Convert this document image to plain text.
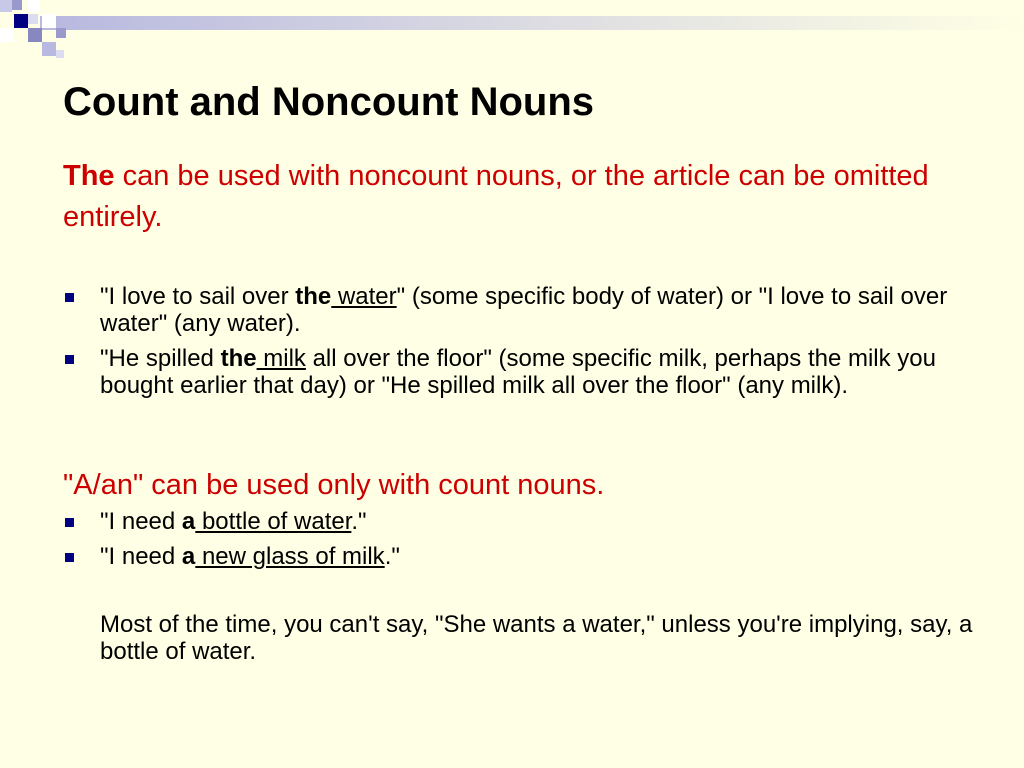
Count and Noncount Nouns

The can be used with noncount nouns, or the article can be omitted entirely.

"I love to sail over the water" (some specific body of water) or "I love to sail over water" (any water).
"He spilled the milk all over the floor" (some specific milk, perhaps the milk you bought earlier that day) or "He spilled milk all over the floor" (any milk).

"A/an" can be used only with count nouns.

"I need a bottle of water."
"I need a new glass of milk."

Most of the time, you can't say, "She wants a water," unless you're implying, say, a bottle of water.
